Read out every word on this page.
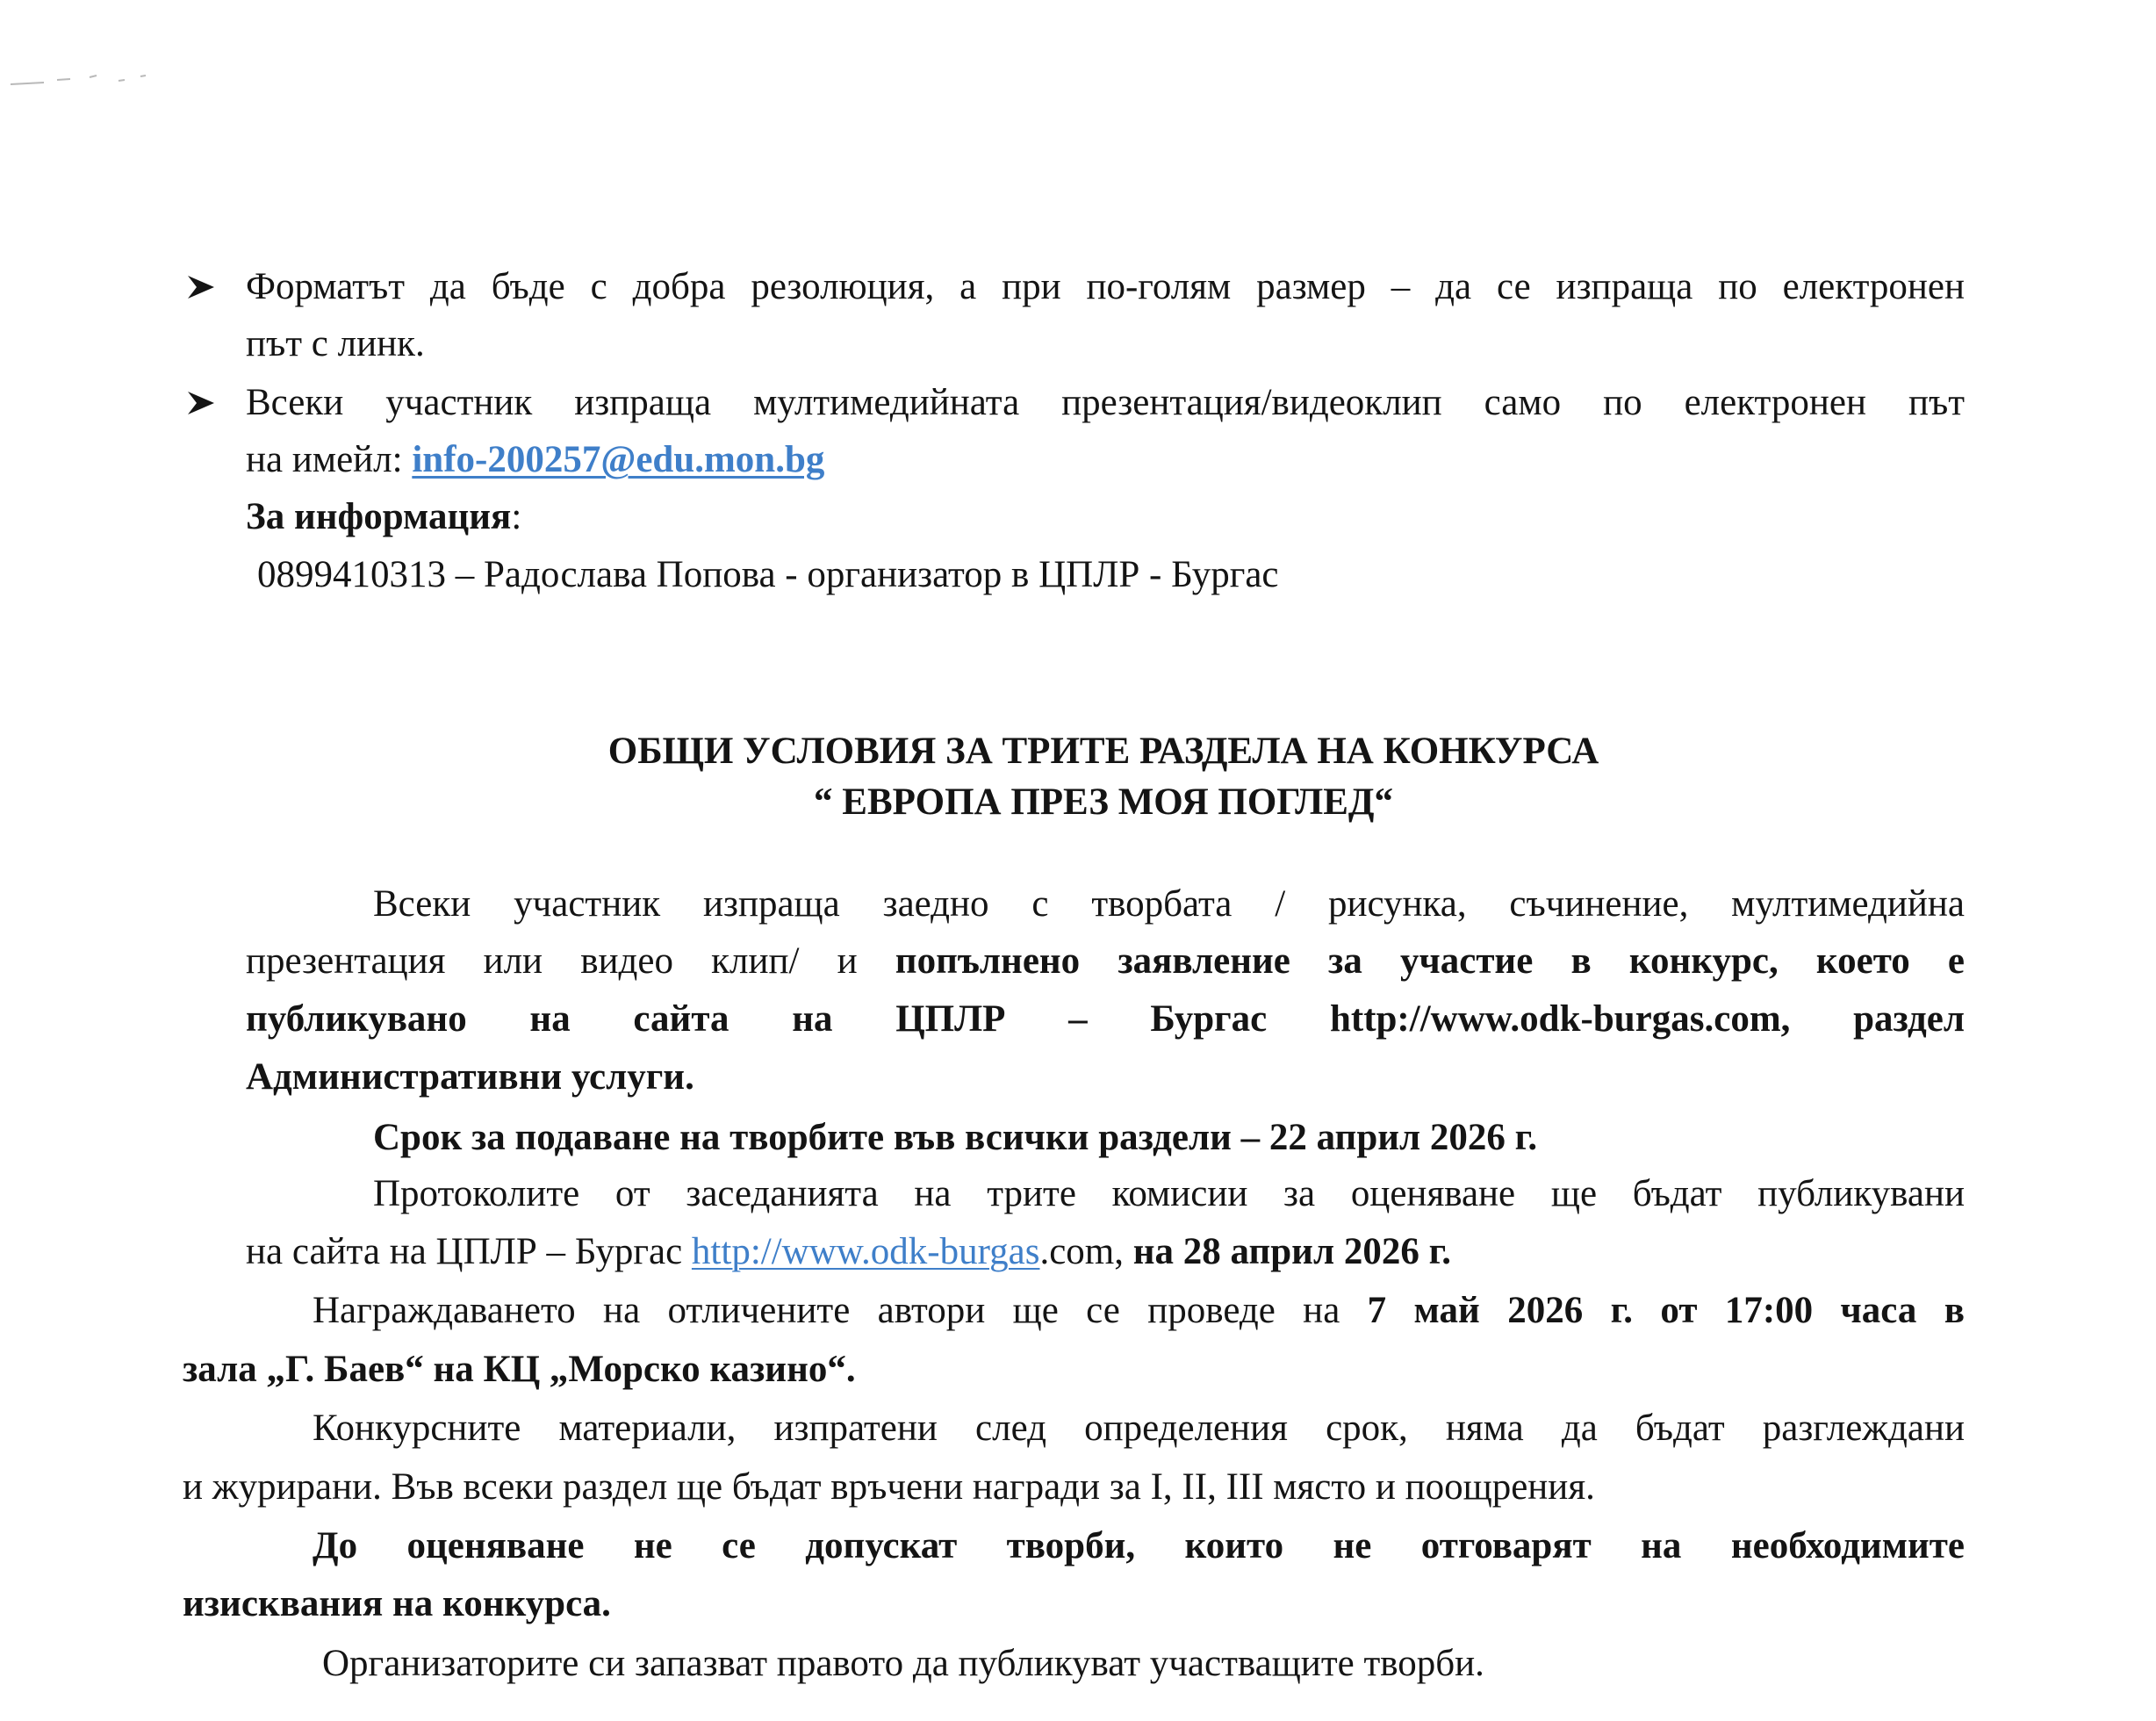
Форматът да бъде с добра резолюция, а при по-голям размер – да се изпраща по електронен
път с линк.
Всеки участник изпраща мултимедийната презентация/видеоклип само по електронен път
на имейл: info-200257@edu.mon.bg
За информация:
0899410313 – Радослава Попова - организатор в ЦПЛР - Бургас
ОБЩИ УСЛОВИЯ ЗА ТРИТЕ РАЗДЕЛА НА КОНКУРСА
“ ЕВРОПА ПРЕЗ МОЯ ПОГЛЕД“
Всеки участник изпраща заедно с творбата / рисунка, съчинение, мултимедийна
презентация или видео клип/ и попълнено заявление за участие в конкурс, което е
публикувано на сайта на ЦПЛР – Бургас http://www.odk-burgas.com, раздел
Административни услуги.
Срок за подаване на творбите във всички раздели – 22 април 2026 г.
Протоколите от заседанията на трите комисии за оценяване ще бъдат публикувани
на сайта на ЦПЛР – Бургас http://www.odk-burgas.com, на 28 април 2026 г.
Награждаването на отличените автори ще се проведе на 7 май 2026 г. от 17:00 часа в
зала „Г. Баев“ на КЦ „Морско казино“.
Конкурсните материали, изпратени след определения срок, няма да бъдат разглеждани
и журирани. Във всеки раздел ще бъдат връчени награди за I, II, III място и поощрения.
До оценяване не се допускат творби, които не отговарят на необходимите
изисквания на конкурса.
Организаторите си запазват правото да публикуват участващите творби.
